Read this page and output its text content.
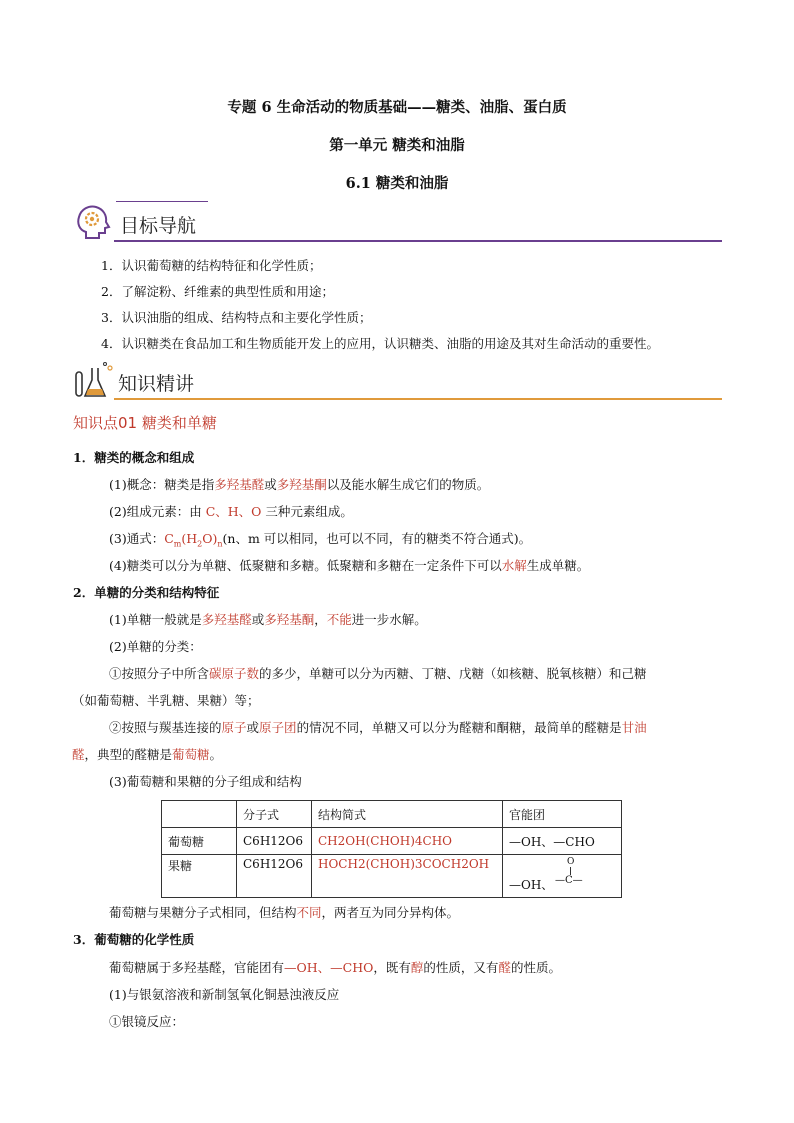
专题 6 生命活动的物质基础——糖类、油脂、蛋白质
第一单元 糖类和油脂
6.1 糖类和油脂
目标导航
1．认识葡萄糖的结构特征和化学性质；
2．了解淀粉、纤维素的典型性质和用途；
3．认识油脂的组成、结构特点和主要化学性质；
4．认识糖类在食品加工和生物质能开发上的应用，认识糖类、油脂的用途及其对生命活动的重要性。
知识精讲
知识点01 糖类和单糖
1．糖类的概念和组成
(1)概念：糖类是指多羟基醛或多羟基酮以及能水解生成它们的物质。
(2)组成元素：由 C、H、O 三种元素组成。
(3)通式：$C_m(H_2O)_n(n$、m 可以相同，也可以不同，有的糖类不符合通式)。
(4)糖类可以分为单糖、低聚糖和多糖。低聚糖和多糖在一定条件下可以水解生成单糖。
2．单糖的分类和结构特征
(1)单糖一般就是多羟基醛或多羟基酮，不能进一步水解。
(2)单糖的分类：
①按照分子中所含碳原子数的多少，单糖可以分为丙糖、丁糖、戊糖（如核糖、脱氧核糖）和己糖
（如葡萄糖、半乳糖、果糖）等；
②按照与羰基连接的原子或原子团的情况不同，单糖又可以分为醛糖和酮糖，最简单的醛糖是甘油
醛，典型的醛糖是葡萄糖。
(3)葡萄糖和果糖的分子组成和结构
	分子式	结构简式	官能团
葡萄糖	C6H12O6	CH2OH(CHOH)4CHO	—OH、—CHO
果糖	C6H12O6	HOCH2(CHOH)3COCH2OH	—OH、
O
—C—
葡萄糖与果糖分子式相同，但结构不同，两者互为同分异构体。
3．葡萄糖的化学性质
葡萄糖属于多羟基醛，官能团有—OH、—CHO，既有醇的性质，又有醛的性质。
(1)与银氨溶液和新制氢氧化铜悬浊液反应
①银镜反应：
